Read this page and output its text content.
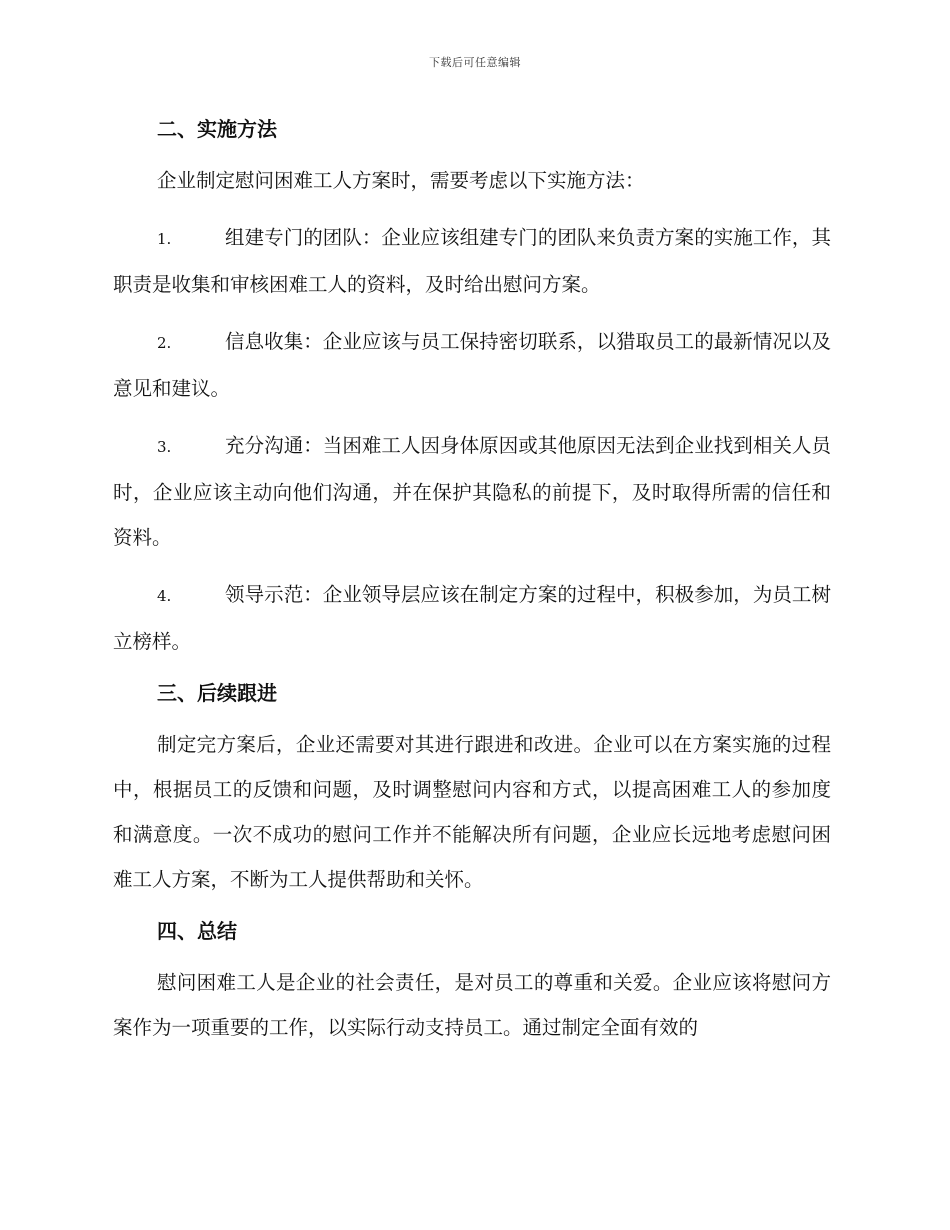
下载后可任意编辑
二、实施方法

企业制定慰问困难工人方案时，需要考虑以下实施方法：

1.	组建专门的团队：企业应该组建专门的团队来负责方案的实施工作，其职责是收集和审核困难工人的资料，及时给出慰问方案。

2.	信息收集：企业应该与员工保持密切联系，以猎取员工的最新情况以及意见和建议。

3.	充分沟通：当困难工人因身体原因或其他原因无法到企业找到相关人员时，企业应该主动向他们沟通，并在保护其隐私的前提下，及时取得所需的信任和资料。

4.	领导示范：企业领导层应该在制定方案的过程中，积极参加，为员工树立榜样。

三、后续跟进

制定完方案后，企业还需要对其进行跟进和改进。企业可以在方案实施的过程中，根据员工的反馈和问题，及时调整慰问内容和方式，以提高困难工人的参加度和满意度。一次不成功的慰问工作并不能解决所有问题，企业应长远地考虑慰问困难工人方案，不断为工人提供帮助和关怀。

四、总结

慰问困难工人是企业的社会责任，是对员工的尊重和关爱。企业应该将慰问方案作为一项重要的工作，以实际行动支持员工。通过制定全面有效的
